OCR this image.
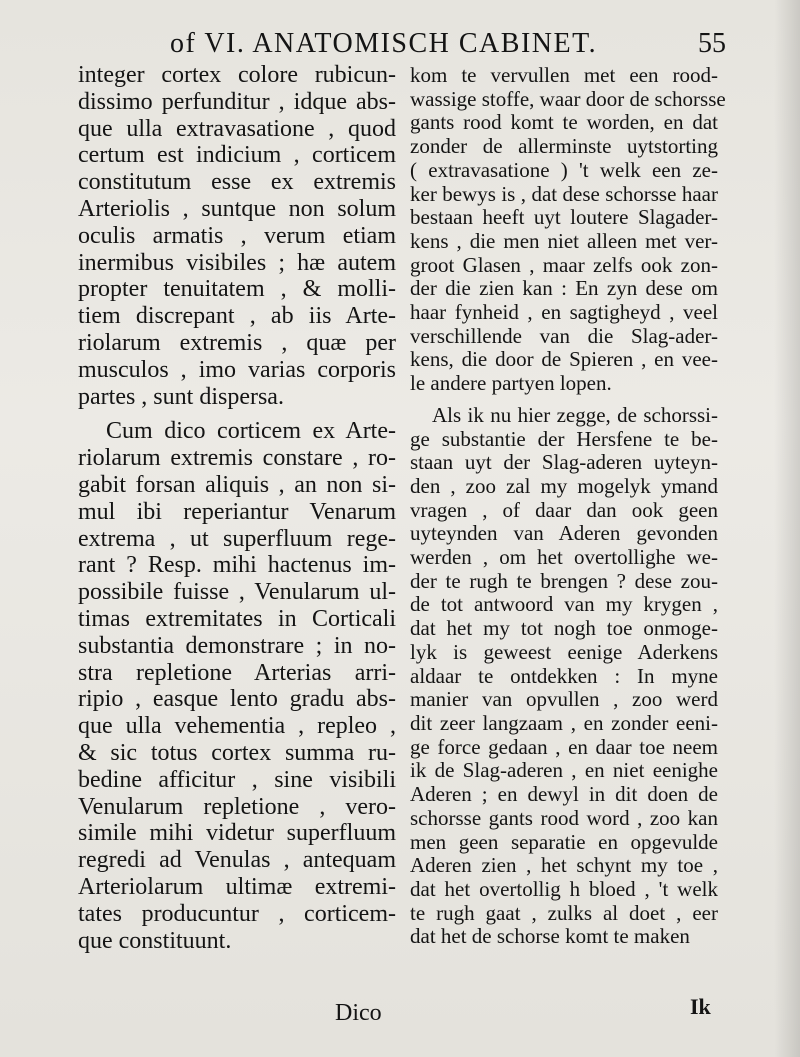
of VI. ANATOMISCH CABINET.	55
integer cortex colore rubicun-
dissimo perfunditur , idque abs-
que ulla extravasatione , quod
certum est indicium , corticem
constitutum esse ex extremis
Arteriolis , suntque non solum
oculis armatis , verum etiam
inermibus visibiles ; hæ autem
propter tenuitatem , & molli-
tiem discrepant , ab iis Arte-
riolarum extremis , quæ per
musculos , imo varias corporis
partes , sunt dispersa.
Cum dico corticem ex Arte-
riolarum extremis constare , ro-
gabit forsan aliquis , an non si-
mul ibi reperiantur Venarum
extrema , ut superfluum rege-
rant ? Resp. mihi hactenus im-
possibile fuisse , Venularum ul-
timas extremitates in Corticali
substantia demonstrare ; in no-
stra repletione Arterias arri-
ripio , easque lento gradu abs-
que ulla vehementia , repleo ,
& sic totus cortex summa ru-
bedine afficitur , sine visibili
Venularum repletione , vero-
simile mihi videtur superfluum
regredi ad Venulas , antequam
Arteriolarum ultimæ extremi-
tates producuntur , corticem-
que constituunt.
kom te vervullen met een rood-
wassige stoffe, waar door de schorsse
gants rood komt te worden, en dat
zonder de allerminste uytstorting
( extravasatione ) 't welk een ze-
ker bewys is , dat dese schorsse haar
bestaan heeft uyt loutere Slagader-
kens , die men niet alleen met ver-
groot Glasen , maar zelfs ook zon-
der die zien kan : En zyn dese om
haar fynheid , en sagtigheyd , veel
verschillende van die Slag-ader-
kens, die door de Spieren , en vee-
le andere partyen lopen.
Als ik nu hier zegge, de schorssi-
ge substantie der Hersfene te be-
staan uyt der Slag-aderen uyteyn-
den , zoo zal my mogelyk ymand
vragen , of daar dan ook geen
uyteynden van Aderen gevonden
werden , om het overtollighe we-
der te rugh te brengen ? dese zou-
de tot antwoord van my krygen ,
dat het my tot nogh toe onmoge-
lyk is geweest eenige Aderkens
aldaar te ontdekken : In myne
manier van opvullen , zoo werd
dit zeer langzaam , en zonder eeni-
ge force gedaan , en daar toe neem
ik de Slag-aderen , en niet eenighe
Aderen ; en dewyl in dit doen de
schorsse gants rood word , zoo kan
men geen separatie en opgevulde
Aderen zien , het schynt my toe ,
dat het overtollig h bloed , 't welk
te rugh gaat , zulks al doet , eer
dat het de schorse komt te maken
Dico	Ik
